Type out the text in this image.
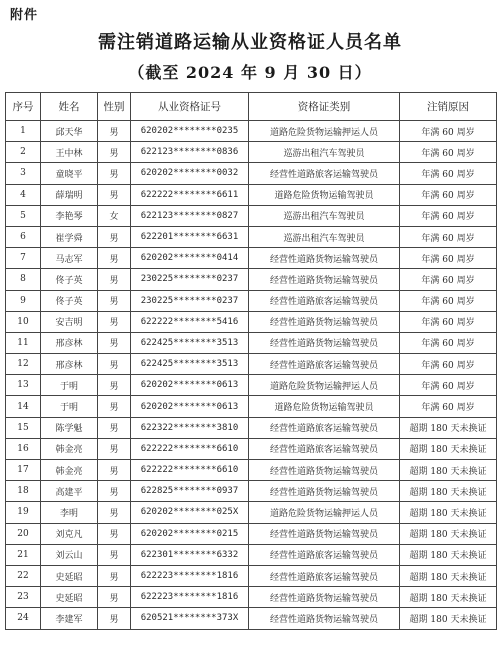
附件
需注销道路运输从业资格证人员名单
（截至 2024 年 9 月 30 日）
序号	姓名	性别	从业资格证号	资格证类别	注销原因
1	邱天华	男	620202********0235	道路危险货物运输押运人员	年满 60 周岁
2	王中林	男	622123********0836	巡游出租汽车驾驶员	年满 60 周岁
3	童晓平	男	620202********0032	经营性道路旅客运输驾驶员	年满 60 周岁
4	薛瑞明	男	622222********6611	道路危险货物运输驾驶员	年满 60 周岁
5	李艳琴	女	622123********0827	巡游出租汽车驾驶员	年满 60 周岁
6	崔学舜	男	622201********6631	巡游出租汽车驾驶员	年满 60 周岁
7	马志军	男	620202********0414	经营性道路货物运输驾驶员	年满 60 周岁
8	佟子英	男	230225********0237	经营性道路货物运输驾驶员	年满 60 周岁
9	佟子英	男	230225********0237	经营性道路旅客运输驾驶员	年满 60 周岁
10	安吉明	男	622222********5416	经营性道路货物运输驾驶员	年满 60 周岁
11	邢彦林	男	622425********3513	经营性道路货物运输驾驶员	年满 60 周岁
12	邢彦林	男	622425********3513	经营性道路旅客运输驾驶员	年满 60 周岁
13	于明	男	620202********0613	道路危险货物运输押运人员	年满 60 周岁
14	于明	男	620202********0613	道路危险货物运输驾驶员	年满 60 周岁
15	陈学魁	男	622322********3810	经营性道路旅客运输驾驶员	超期 180 天未换证
16	韩金亮	男	622222********6610	经营性道路旅客运输驾驶员	超期 180 天未换证
17	韩金亮	男	622222********6610	经营性道路货物运输驾驶员	超期 180 天未换证
18	高建平	男	622825********0937	经营性道路货物运输驾驶员	超期 180 天未换证
19	李明	男	620202********025X	道路危险货物运输押运人员	超期 180 天未换证
20	刘克凡	男	620202********0215	经营性道路货物运输驾驶员	超期 180 天未换证
21	刘云山	男	622301********6332	经营性道路旅客运输驾驶员	超期 180 天未换证
22	史延昭	男	622223********1816	经营性道路旅客运输驾驶员	超期 180 天未换证
23	史延昭	男	622223********1816	经营性道路货物运输驾驶员	超期 180 天未换证
24	李建军	男	620521********373X	经营性道路货物运输驾驶员	超期 180 天未换证
